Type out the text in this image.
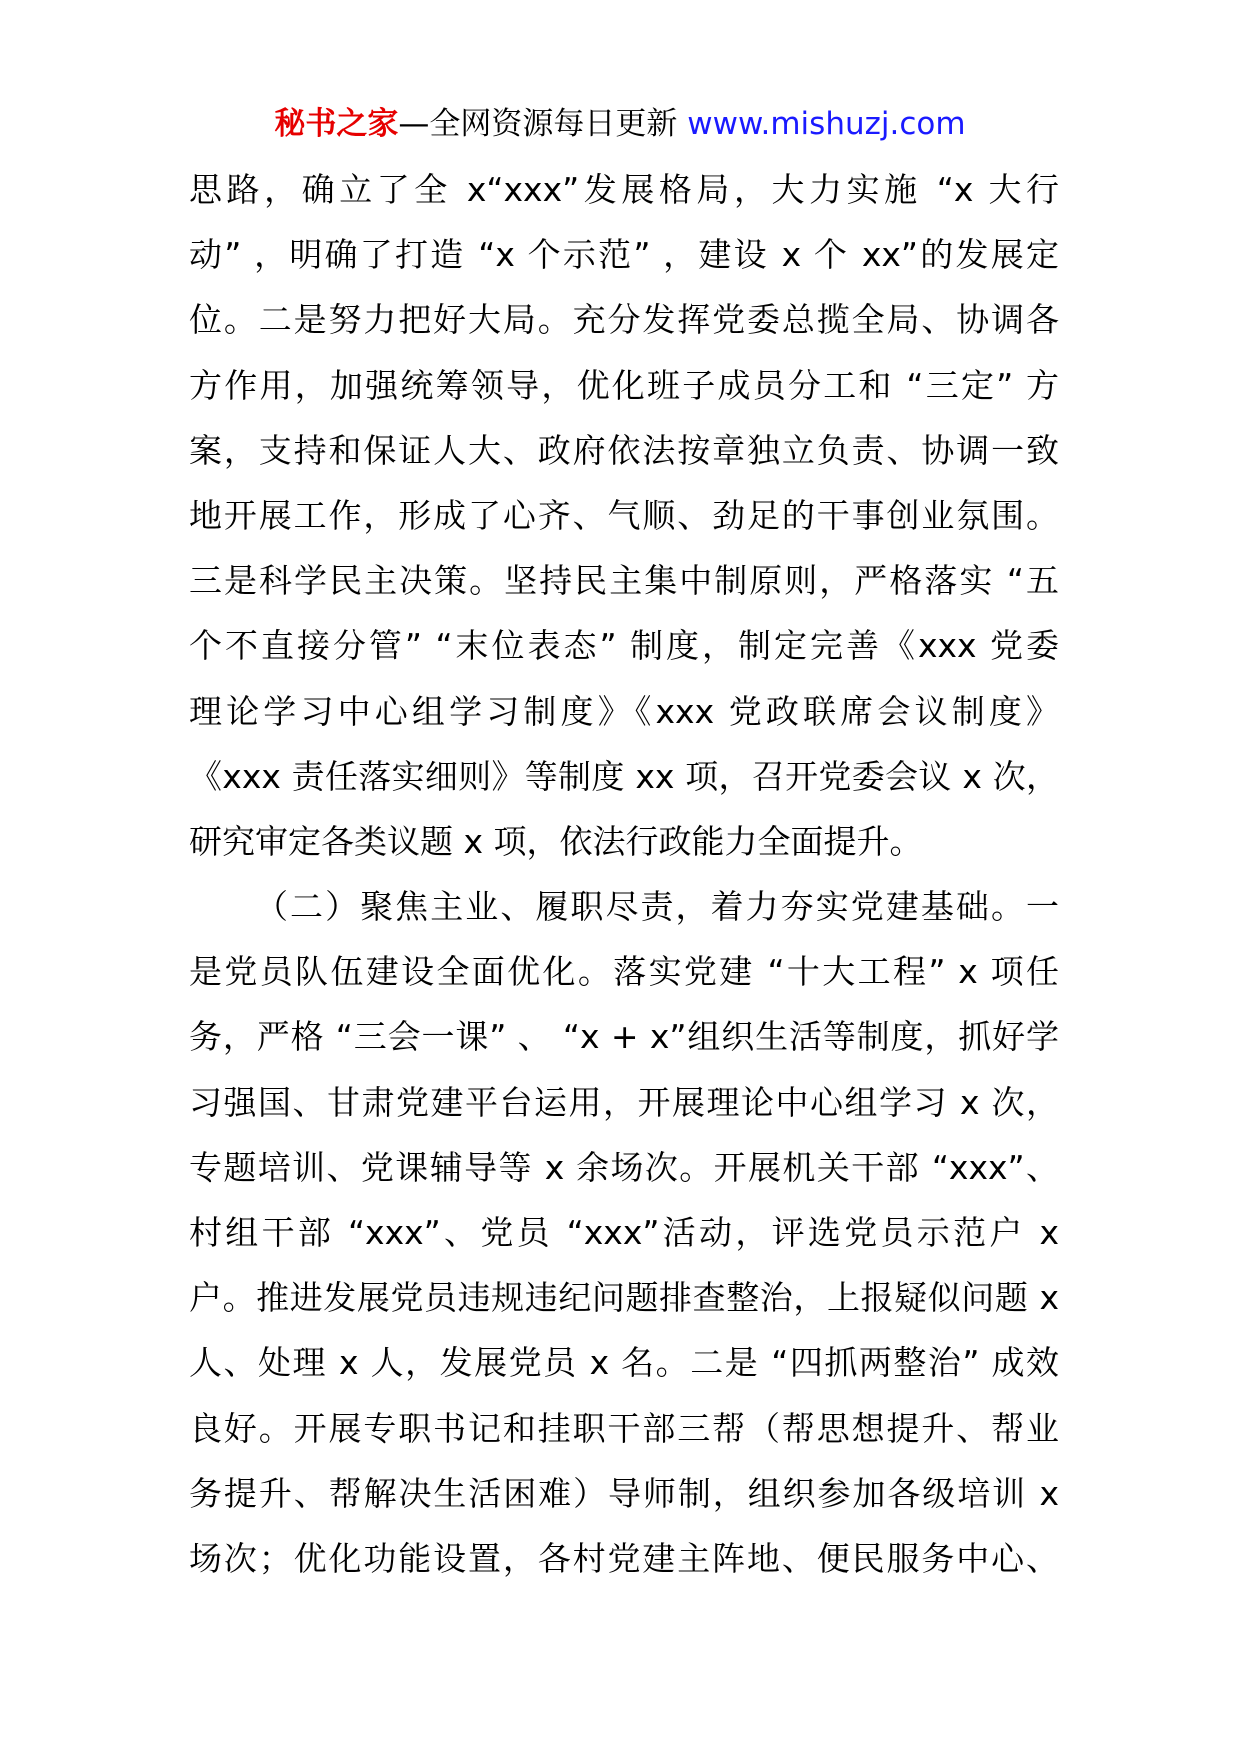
秘书之家—全网资源每日更新 www.mishuzj.com
思路，确立了全 x“xxx”发展格局，大力实施 “x 大行
动” ，明确了打造 “x 个示范” ，建设 x 个 xx”的发展定
位。二是努力把好大局。充分发挥党委总揽全局、协调各
方作用，加强统筹领导，优化班子成员分工和 “三定” 方
案，支持和保证人大、政府依法按章独立负责、协调一致
地开展工作，形成了心齐、气顺、劲足的干事创业氛围。
三是科学民主决策。坚持民主集中制原则，严格落实 “五
个不直接分管” “末位表态” 制度，制定完善《xxx 党委
理论学习中心组学习制度》《xxx 党政联席会议制度》
《xxx 责任落实细则》等制度 xx 项，召开党委会议 x 次，
研究审定各类议题 x 项，依法行政能力全面提升。
（二）聚焦主业、履职尽责，着力夯实党建基础。一
是党员队伍建设全面优化。落实党建 “十大工程” x 项任
务，严格 “三会一课” 、 “x + x”组织生活等制度，抓好学
习强国、甘肃党建平台运用，开展理论中心组学习 x 次，
专题培训、党课辅导等 x 余场次。开展机关干部 “xxx”、
村组干部 “xxx”、党员 “xxx”活动，评选党员示范户 x
户。推进发展党员违规违纪问题排查整治，上报疑似问题 x
人、处理 x 人，发展党员 x 名。二是 “四抓两整治” 成效
良好。开展专职书记和挂职干部三帮（帮思想提升、帮业
务提升、帮解决生活困难）导师制，组织参加各级培训 x
场次；优化功能设置，各村党建主阵地、便民服务中心、
